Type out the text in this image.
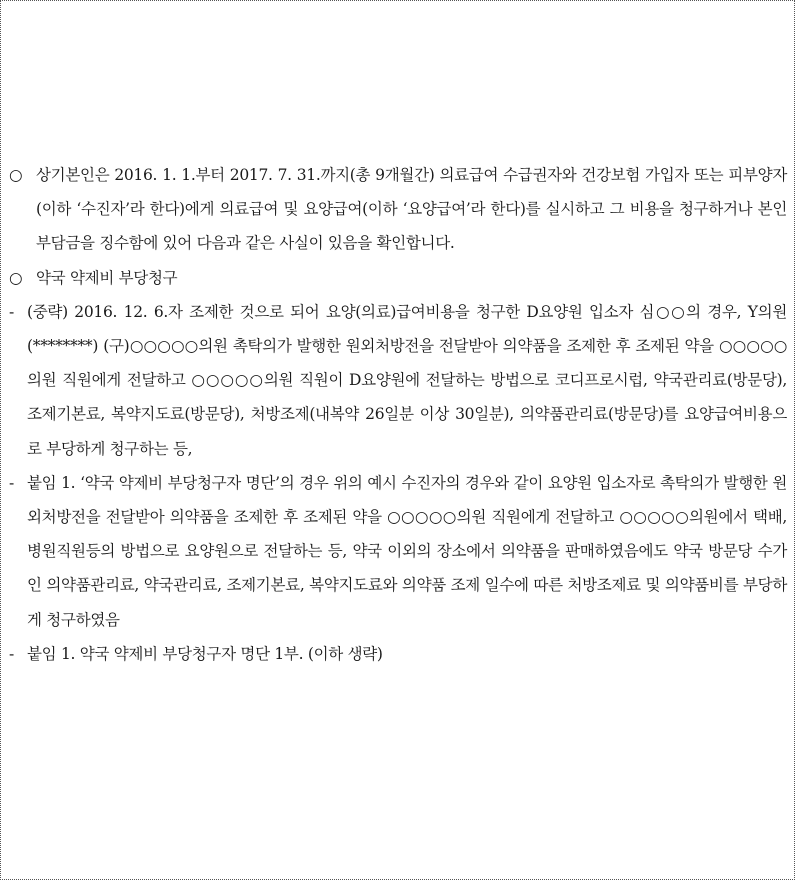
○ 상기본인은 2016. 1. 1.부터 2017. 7. 31.까지(총 9개월간) 의료급여 수급권자와 건강보험 가입자 또는 피부양자(이하 ‘수진자’라 한다)에게 의료급여 및 요양급여(이하 ‘요양급여’라 한다)를 실시하고 그 비용을 청구하거나 본인부담금을 징수함에 있어 다음과 같은 사실이 있음을 확인합니다.

○ 약국 약제비 부당청구

- (중략) 2016. 12. 6.자 조제한 것으로 되어 요양(의료)급여비용을 청구한 D요양원 입소자 심○○의 경우, Y의원(********) (구)○○○○○의원 촉탁의가 발행한 원외처방전을 전달받아 의약품을 조제한 후 조제된 약을 ○○○○○의원 직원에게 전달하고 ○○○○○의원 직원이 D요양원에 전달하는 방법으로 코디프로시럽, 약국관리료(방문당), 조제기본료, 복약지도료(방문당), 처방조제(내복약 26일분 이상 30일분), 의약품관리료(방문당)를 요양급여비용으로 부당하게 청구하는 등,

- 붙임 1. ‘약국 약제비 부당청구자 명단’의 경우 위의 예시 수진자의 경우와 같이 요양원 입소자로 촉탁의가 발행한 원외처방전을 전달받아 의약품을 조제한 후 조제된 약을 ○○○○○의원 직원에게 전달하고 ○○○○○의원에서 택배, 병원직원등의 방법으로 요양원으로 전달하는 등, 약국 이외의 장소에서 의약품을 판매하였음에도 약국 방문당 수가인 의약품관리료, 약국관리료, 조제기본료, 복약지도료와 의약품 조제 일수에 따른 처방조제료 및 의약품비를 부당하게 청구하였음

- 붙임 1. 약국 약제비 부당청구자 명단 1부. (이하 생략)
